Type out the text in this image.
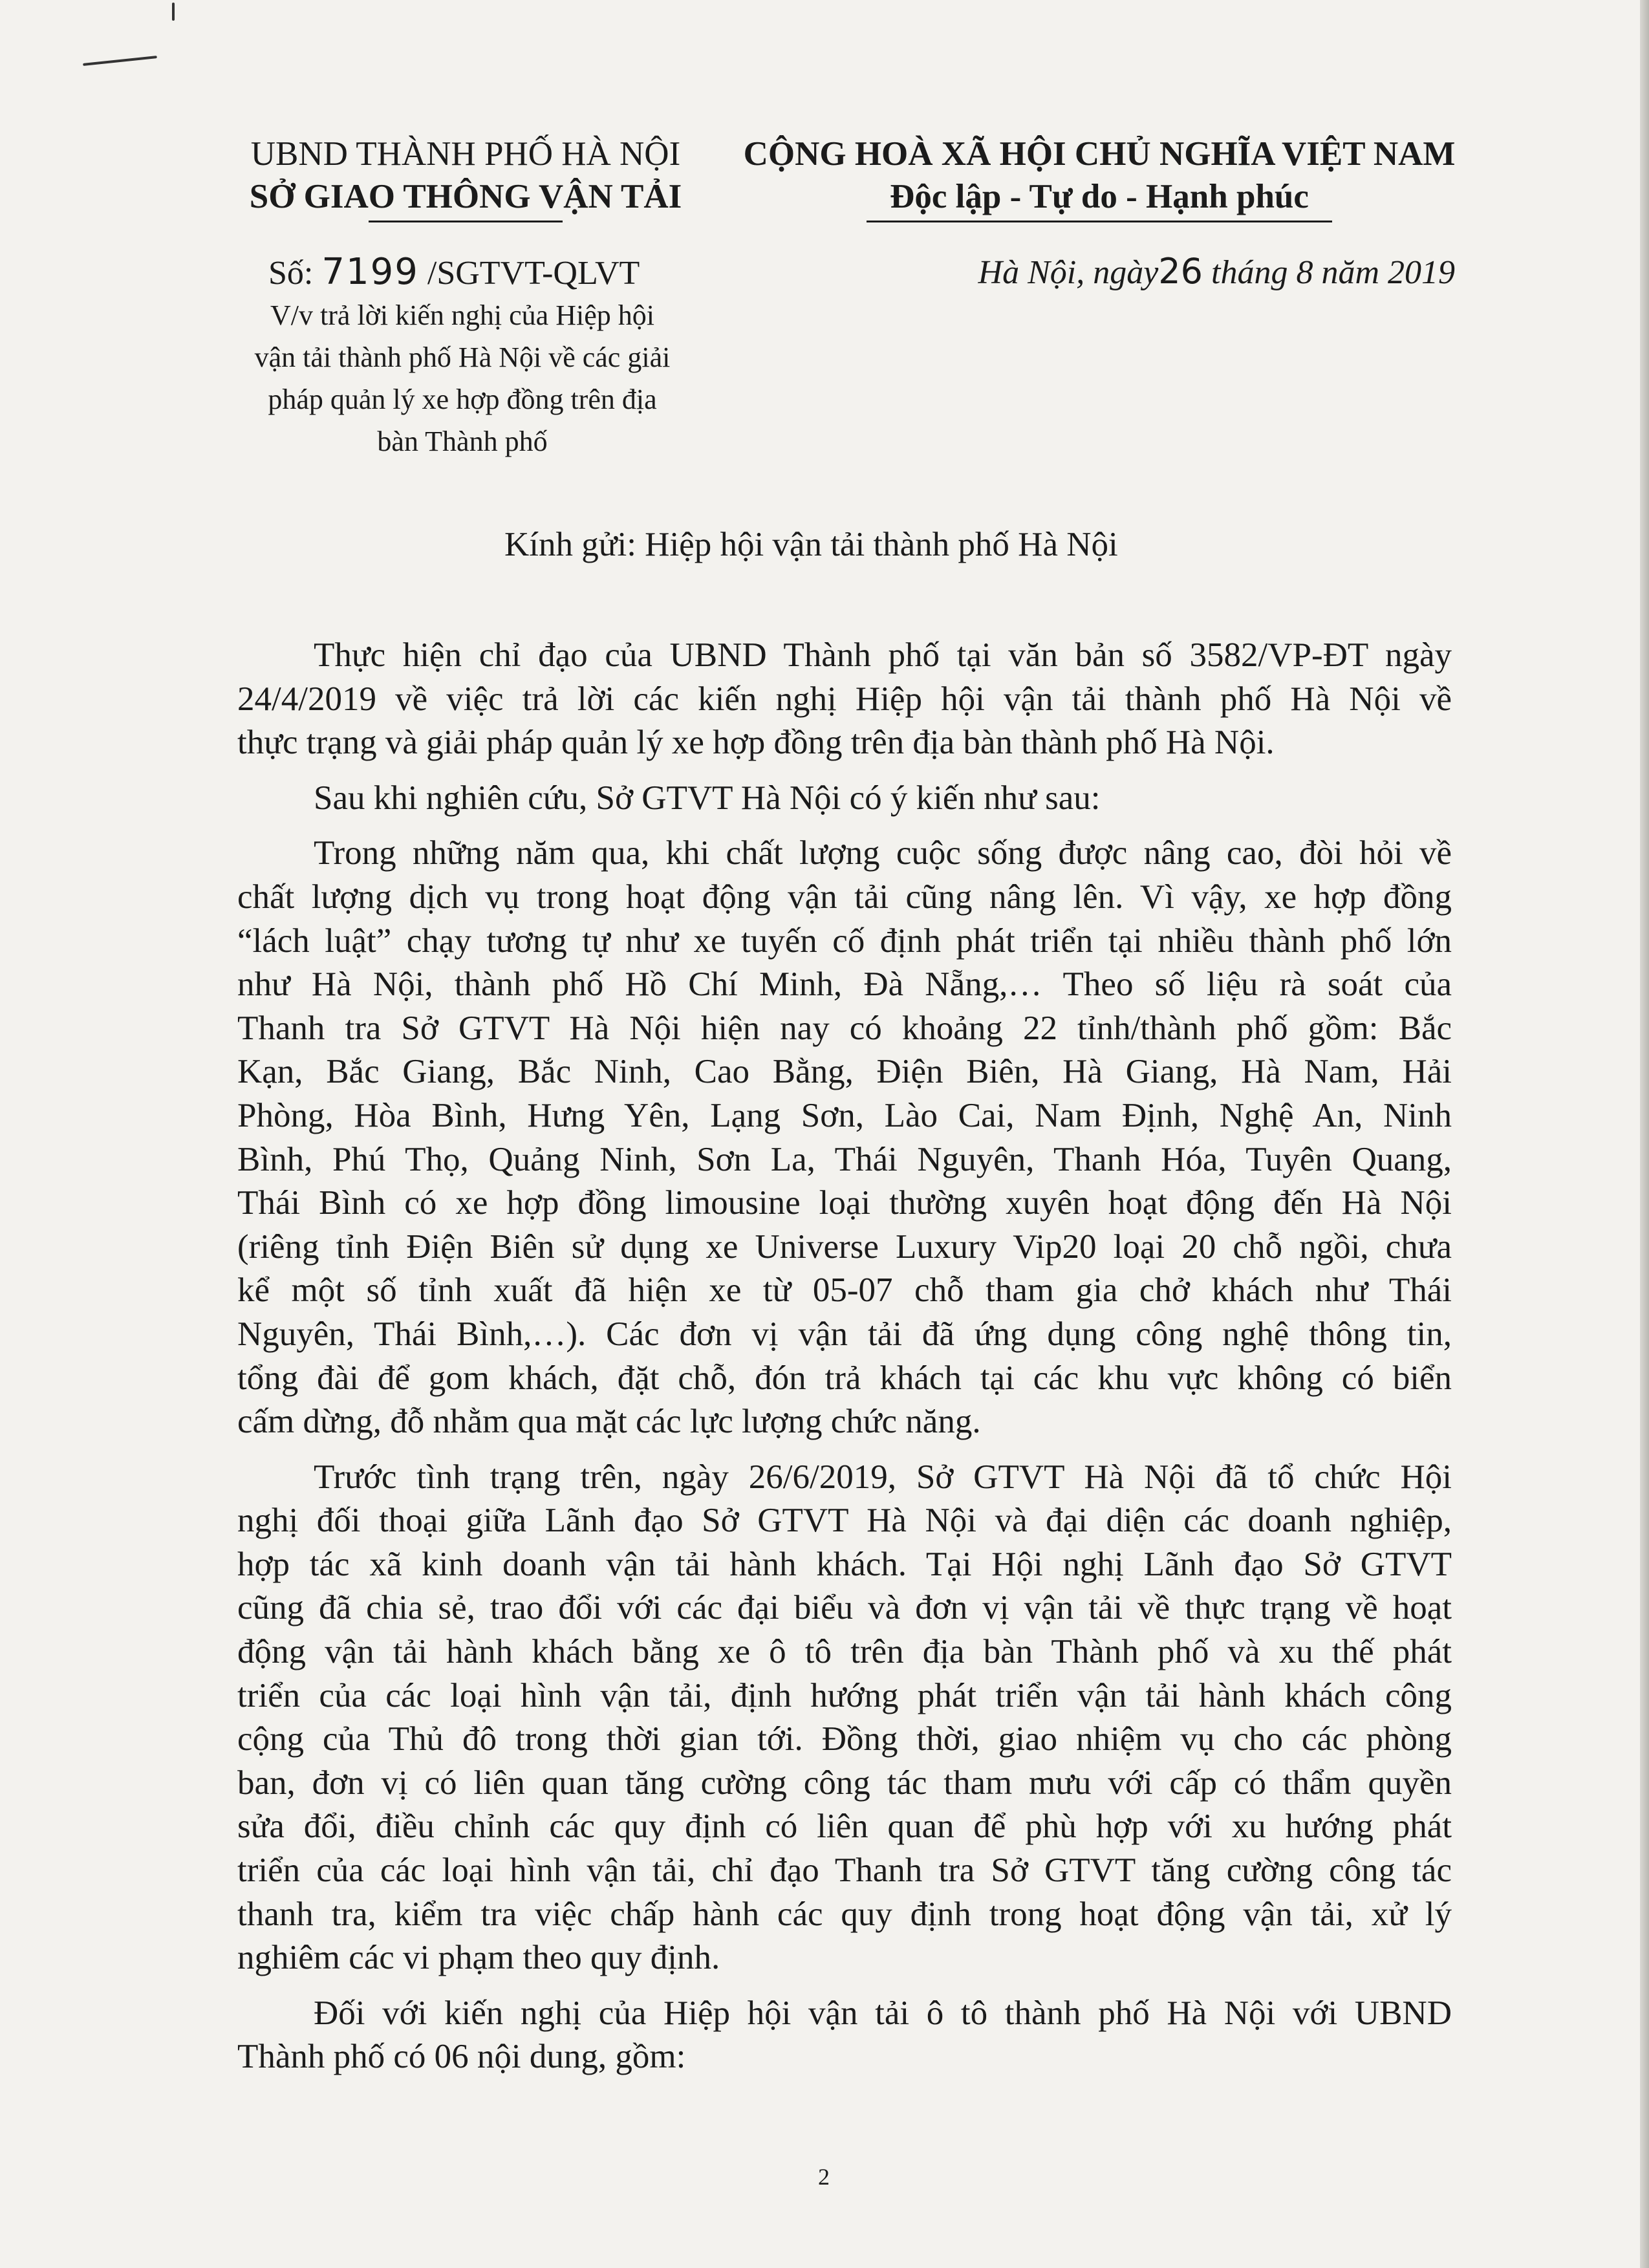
UBND THÀNH PHỐ HÀ NỘI
SỞ GIAO THÔNG VẬN TẢI
CỘNG HOÀ XÃ HỘI CHỦ NGHĨA VIỆT NAM
Độc lập - Tự do - Hạnh phúc
Số: 7199 /SGTVT-QLVT
V/v trả lời kiến nghị của Hiệp hội
vận tải thành phố Hà Nội về các giải
pháp quản lý xe hợp đồng trên địa
bàn Thành phố
Hà Nội, ngày26 tháng 8 năm 2019
Kính gửi: Hiệp hội vận tải thành phố Hà Nội
Thực hiện chỉ đạo của UBND Thành phố tại văn bản số 3582/VP-ĐT ngày
24/4/2019 về việc trả lời các kiến nghị Hiệp hội vận tải thành phố Hà Nội về
thực trạng và giải pháp quản lý xe hợp đồng trên địa bàn thành phố Hà Nội.
Sau khi nghiên cứu, Sở GTVT Hà Nội có ý kiến như sau:
Trong những năm qua, khi chất lượng cuộc sống được nâng cao, đòi hỏi về
chất lượng dịch vụ trong hoạt động vận tải cũng nâng lên. Vì vậy, xe hợp đồng
“lách luật” chạy tương tự như xe tuyến cố định phát triển tại nhiều thành phố lớn
như Hà Nội, thành phố Hồ Chí Minh, Đà Nẵng,… Theo số liệu rà soát của
Thanh tra Sở GTVT Hà Nội hiện nay có khoảng 22 tỉnh/thành phố gồm: Bắc
Kạn, Bắc Giang, Bắc Ninh, Cao Bằng, Điện Biên, Hà Giang, Hà Nam, Hải
Phòng, Hòa Bình, Hưng Yên, Lạng Sơn, Lào Cai, Nam Định, Nghệ An, Ninh
Bình, Phú Thọ, Quảng Ninh, Sơn La, Thái Nguyên, Thanh Hóa, Tuyên Quang,
Thái Bình có xe hợp đồng limousine loại thường xuyên hoạt động đến Hà Nội
(riêng tỉnh Điện Biên sử dụng xe Universe Luxury Vip20 loại 20 chỗ ngồi, chưa
kể một số tỉnh xuất đã hiện xe từ 05-07 chỗ tham gia chở khách như Thái
Nguyên, Thái Bình,…). Các đơn vị vận tải đã ứng dụng công nghệ thông tin,
tổng đài để gom khách, đặt chỗ, đón trả khách tại các khu vực không có biển
cấm dừng, đỗ nhằm qua mặt các lực lượng chức năng.
Trước tình trạng trên, ngày 26/6/2019, Sở GTVT Hà Nội đã tổ chức Hội
nghị đối thoại giữa Lãnh đạo Sở GTVT Hà Nội và đại diện các doanh nghiệp,
hợp tác xã kinh doanh vận tải hành khách. Tại Hội nghị Lãnh đạo Sở GTVT
cũng đã chia sẻ, trao đổi với các đại biểu và đơn vị vận tải về thực trạng về hoạt
động vận tải hành khách bằng xe ô tô trên địa bàn Thành phố và xu thế phát
triển của các loại hình vận tải, định hướng phát triển vận tải hành khách công
cộng của Thủ đô trong thời gian tới. Đồng thời, giao nhiệm vụ cho các phòng
ban, đơn vị có liên quan tăng cường công tác tham mưu với cấp có thẩm quyền
sửa đổi, điều chỉnh các quy định có liên quan để phù hợp với xu hướng phát
triển của các loại hình vận tải, chỉ đạo Thanh tra Sở GTVT tăng cường công tác
thanh tra, kiểm tra việc chấp hành các quy định trong hoạt động vận tải, xử lý
nghiêm các vi phạm theo quy định.
Đối với kiến nghị của Hiệp hội vận tải ô tô thành phố Hà Nội với UBND
Thành phố có 06 nội dung, gồm:
2
